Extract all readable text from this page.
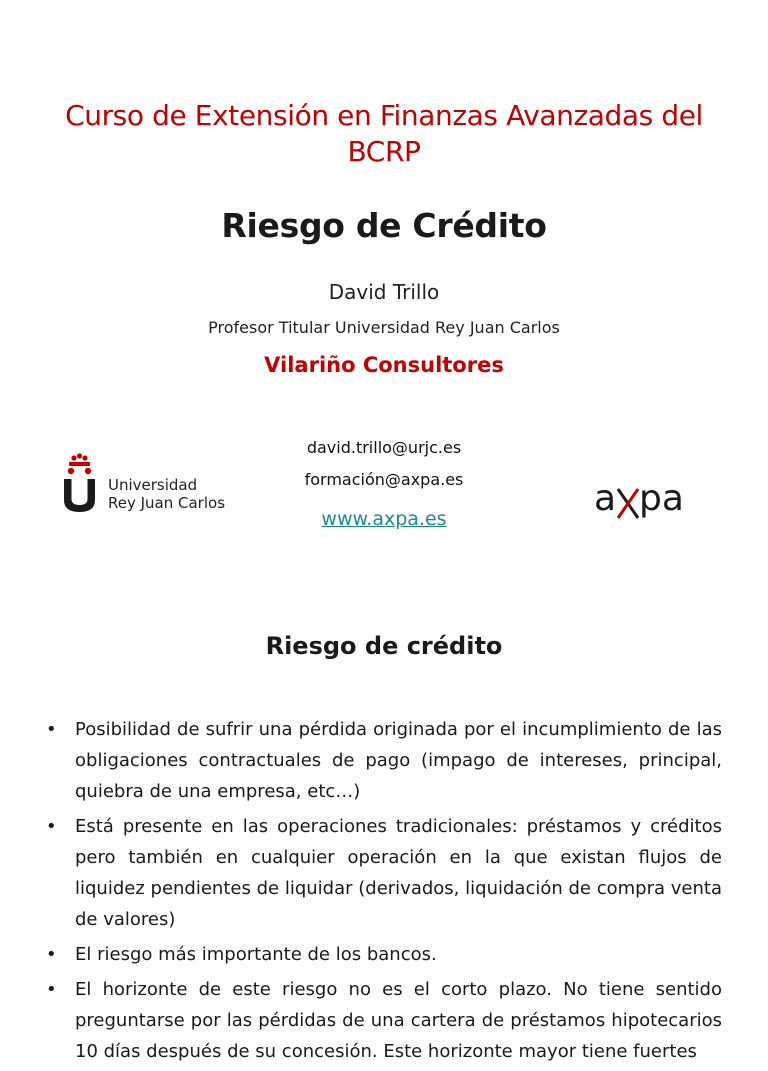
Curso de Extensión en Finanzas Avanzadas del
BCRP
Riesgo de Crédito
David Trillo
Profesor Titular Universidad Rey Juan Carlos
Vilariño Consultores
Universidad
Rey Juan Carlos
david.trillo@urjc.es
formación@axpa.es
www.axpa.es	a pa
Riesgo de crédito
• Posibilidad de sufrir una pérdida originada por el incumplimiento de las obligaciones contractuales de pago (impago de intereses, principal, quiebra de una empresa, etc…)
• Está presente en las operaciones tradicionales: préstamos y créditos pero también en cualquier operación en la que existan flujos de liquidez pendientes de liquidar (derivados, liquidación de compra venta de valores)
• El riesgo más importante de los bancos.
• El horizonte de este riesgo no es el corto plazo. No tiene sentido preguntarse por las pérdidas de una cartera de préstamos hipotecarios 10 días después de su concesión. Este horizonte mayor tiene fuertes
